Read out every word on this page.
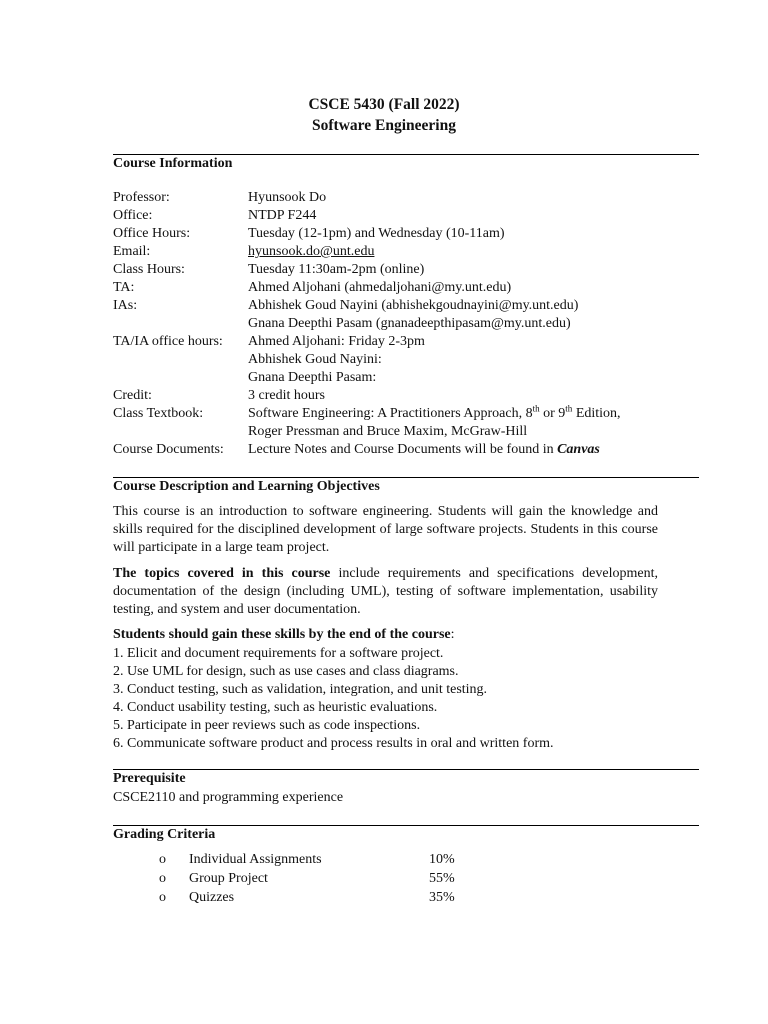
CSCE 5430 (Fall 2022)
Software Engineering
Course Information
Professor:	Hyunsook Do
Office:	NTDP F244
Office Hours:	Tuesday (12-1pm) and Wednesday (10-11am)
Email:	hyunsook.do@unt.edu
Class Hours:	Tuesday 11:30am-2pm (online)
TA:	Ahmed Aljohani (ahmedaljohani@my.unt.edu)
IAs:	Abhishek Goud Nayini (abhishekgoudnayini@my.unt.edu)
Gnana Deepthi Pasam (gnanadeepthipasam@my.unt.edu)
TA/IA office hours: Ahmed Aljohani: Friday 2-3pm
Abhishek Goud Nayini:
Gnana Deepthi Pasam:
Credit:	3 credit hours
Class Textbook:	Software Engineering: A Practitioners Approach, 8th or 9th Edition,
Roger Pressman and Bruce Maxim, McGraw-Hill
Course Documents: Lecture Notes and Course Documents will be found in Canvas
Course Description and Learning Objectives
This course is an introduction to software engineering. Students will gain the knowledge and skills required for the disciplined development of large software projects. Students in this course will participate in a large team project.
The topics covered in this course include requirements and specifications development, documentation of the design (including UML), testing of software implementation, usability testing, and system and user documentation.
Students should gain these skills by the end of the course:
1. Elicit and document requirements for a software project.
2. Use UML for design, such as use cases and class diagrams.
3. Conduct testing, such as validation, integration, and unit testing.
4. Conduct usability testing, such as heuristic evaluations.
5. Participate in peer reviews such as code inspections.
6. Communicate software product and process results in oral and written form.
Prerequisite
CSCE2110 and programming experience
Grading Criteria
o Individual Assignments	10%
o Group Project	55%
o Quizzes	35%
